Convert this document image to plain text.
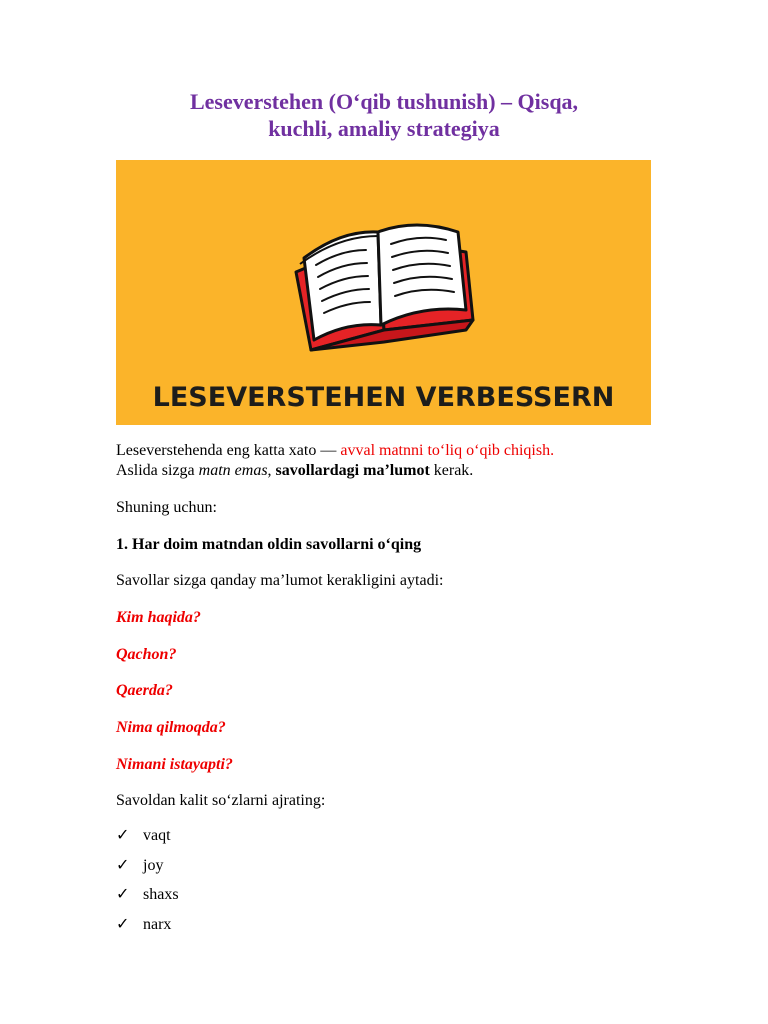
Leseverstehen (O‘qib tushunish) – Qisqa,
kuchli, amaliy strategiya
LESEVERSTEHEN VERBESSERN
Leseverstehenda eng katta xato — avval matnni to‘liq o‘qib chiqish.
Aslida sizga matn emas, savollardagi ma’lumot kerak.
Shuning uchun:
1. Har doim matndan oldin savollarni o‘qing
Savollar sizga qanday ma’lumot kerakligini aytadi:
Kim haqida?
Qachon?
Qaerda?
Nima qilmoqda?
Nimani istayapti?
Savoldan kalit so‘zlarni ajrating:
✓ vaqt
✓ joy
✓ shaxs
✓ narx
